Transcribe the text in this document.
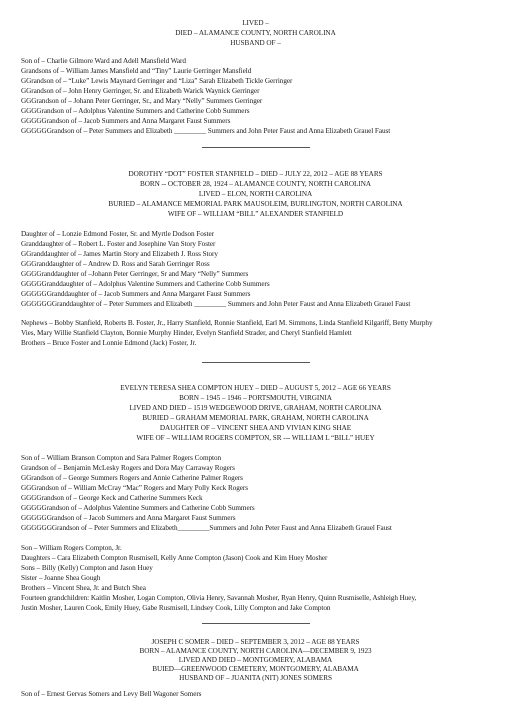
LIVED –
DIED – ALAMANCE COUNTY, NORTH CAROLINA
HUSBAND OF –
Son of – Charlie Gilmore Ward and Adell Mansfield Ward
Grandsons of – William James Mansfield and “Tiny” Laurie Gerringer Mansfield
GGrandson of – “Luke” Lewis Maynard Gerringer and “Liza” Sarah Elizabeth Tickle Gerringer
GGrandson of – John Henry Gerringer, Sr. and Elizabeth Warick Waynick Gerringer
GGGrandson of – Johann Peter Gerringer, Sr., and Mary “Nelly” Summers Gerringer
GGGGrandson of – Adolphus Valentine Summers and Catherine Cobb Summers
GGGGGrandson of – Jacob Summers and Anna Margaret Faust Summers
GGGGGGrandson of – Peter Summers and Elizabeth _________ Summers and John Peter Faust and Anna Elizabeth Grauel Faust
DOROTHY “DOT” FOSTER STANFIELD – DIED – JULY 22, 2012 – AGE 88 YEARS
BORN -- OCTOBER 28, 1924 – ALAMANCE COUNTY, NORTH CAROLINA
LIVED – ELON, NORTH CAROLINA
BURIED – ALAMANCE MEMORIAL PARK MAUSOLEIM, BURLINGTON, NORTH CAROLINA
WIFE OF – WILLIAM “BILL” ALEXANDER STANFIELD
Daughter of – Lonzie Edmond Foster, Sr. and Myrtle Dodson Foster
Granddaughter of – Robert L. Foster and Josephine Van Story Foster
GGranddaughter of – James Martin Story and Elizabeth J. Ross Story
GGGranddaughter of – Andrew D. Ross and Sarah Gerringer Ross
GGGGranddaughter of –Johann Peter Gerringer, Sr and Mary “Nelly” Summers
GGGGGranddaughter of – Adolphus Valentine Summers and Catherine Cobb Summers
GGGGGGranddaughter of – Jacob Summers and Anna Margaret Faust Summers
GGGGGGGranddaughter of – Peter Summers and Elizabeth _________ Summers and John Peter Faust and Anna Elizabeth Grauel Faust
Nephews – Bobby Stanfield, Roberts B. Foster, Jr., Harry Stanfield, Ronnie Stanfield, Earl M. Simmons, Linda Stanfield Kilgariff, Betty Murphy
Vies, Mary Willie Stanfield Clayton, Bonnie Murphy Hinder, Evelyn Stanfield Strader, and Cheryl Stanfield Hamlett
Brothers – Bruce Foster and Lonnie Edmond (Jack) Foster, Jr.
EVELYN TERESA SHEA COMPTON HUEY – DIED – AUGUST 5, 2012 – AGE 66 YEARS
BORN – 1945 – 1946 – PORTSMOUTH, VIRGINIA
LIVED AND DIED – 1519 WEDGEWOOD DRIVE, GRAHAM, NORTH CAROLINA
BURIED – GRAHAM MEMORIAL PARK, GRAHAM, NORTH CAROLINA
DAUGHTER OF – VINCENT SHEA AND VIVIAN KING SHAE
WIFE OF – WILLIAM ROGERS COMPTON, SR --- WILLIAM L “BILL” HUEY
Son of – William Branson Compton and Sara Palmer Rogers Compton
Grandson of – Benjamin McLesky Rogers and Dora May Carraway Rogers
GGrandson of – George Summers Rogers and Annie Catherine Palmer Rogers
GGGrandson of – William McCray “Mac” Rogers and Mary Polly Keck Rogers
GGGGrandson of – George Keck and Catherine Summers Keck
GGGGGrandson of – Adolphus Valentine Summers and Catherine Cobb Summers
GGGGGGrandson of – Jacob Summers and Anna Margaret Faust Summers
GGGGGGGrandson of – Peter Summers and Elizabeth_________Summers and John Peter Faust and Anna Elizabeth Grauel Faust
Son – William Rogers Compton, Jr.
Daughters – Cara Elizabeth Compton Rusmisell, Kelly Anne Compton (Jason) Cook and Kim Huey Mosher
Sons – Billy (Kelly) Compton and Jason Huey
Sister – Joanne Shea Gough
Brothers – Vincent Shea, Jr. and Butch Shea
Fourteen grandchildren: Kaitlin Mosher, Logan Compton, Olivia Henry, Savannah Mosher, Ryan Henry, Quinn Rusmiselle, Ashleigh Huey,
Justin Mosher, Lauren Cook, Emily Huey, Gabe Rusmisell, Lindsey Cook, Lilly Compton and Jake Compton
JOSEPH C SOMER – DIED – SEPTEMBER 3, 2012 – AGE 88 YEARS
BORN – ALAMANCE COUNTY, NORTH CAROLINA—DECEMBER 9, 1923
LIVED AND DIED – MONTGOMERY, ALABAMA
BUIED—GREENWOOD CEMETERY, MONTGOMERY, ALABAMA
HUSBAND OF – JUANITA (NIT) JONES SOMERS
Son of – Ernest Gervas Somers and Levy Bell Wagoner Somers
